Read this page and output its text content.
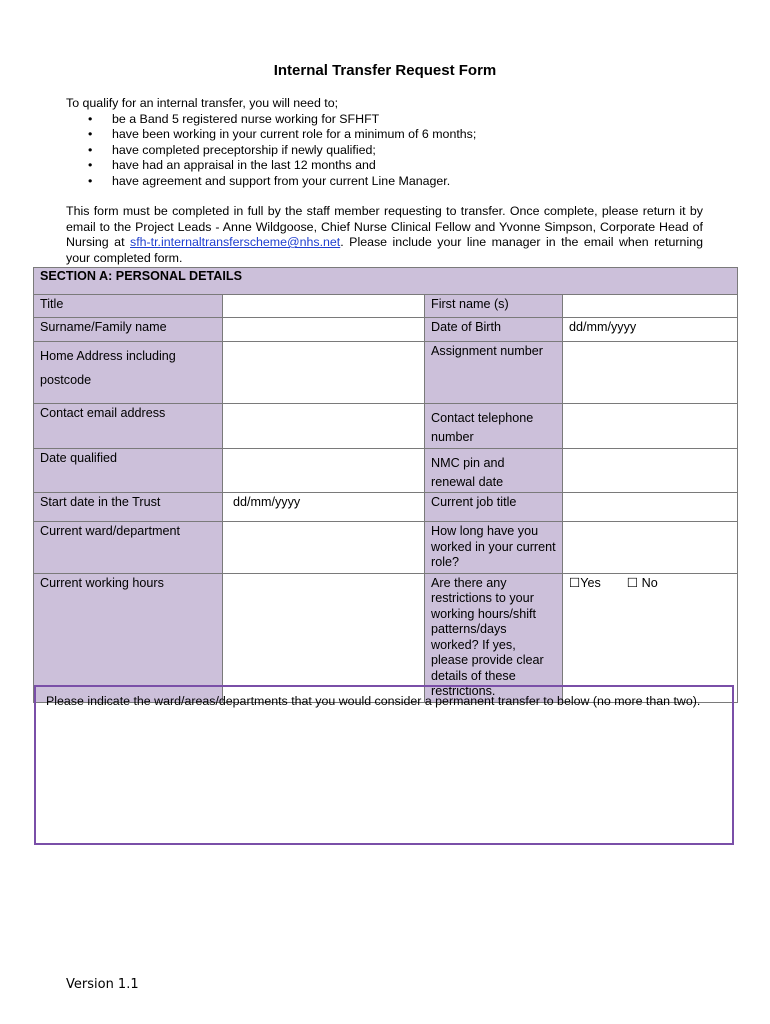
Internal Transfer Request Form
To qualify for an internal transfer, you will need to;
• be a Band 5 registered nurse working for SFHFT
• have been working in your current role for a minimum of 6 months;
• have completed preceptorship if newly qualified;
• have had an appraisal in the last 12 months and
• have agreement and support from your current Line Manager.
This form must be completed in full by the staff member requesting to transfer. Once complete, please return it by email to the Project Leads - Anne Wildgoose, Chief Nurse Clinical Fellow and Yvonne Simpson, Corporate Head of Nursing at sfh-tr.internaltransferscheme@nhs.net. Please include your line manager in the email when returning your completed form.
SECTION A: PERSONAL DETAILS			
Title		First name (s)	
Surname/Family name		Date of Birth	dd/mm/yyyy

Home Address including
postcode		Assignment number	
Contact email address		Contact telephone
number	

Date qualified		NMC pin and
renewal date	

Start date in the Trust	dd/mm/yyyy	Current job title	
Current ward/department		How long have you worked in your current role?	
Current working hours		Are there any restrictions to your working hours/shift patterns/days worked? If yes, please provide clear details of these restrictions.	☐Yes ☐ No
Please indicate the ward/areas/departments that you would consider a permanent transfer to below (no more than two).
Version 1.1
